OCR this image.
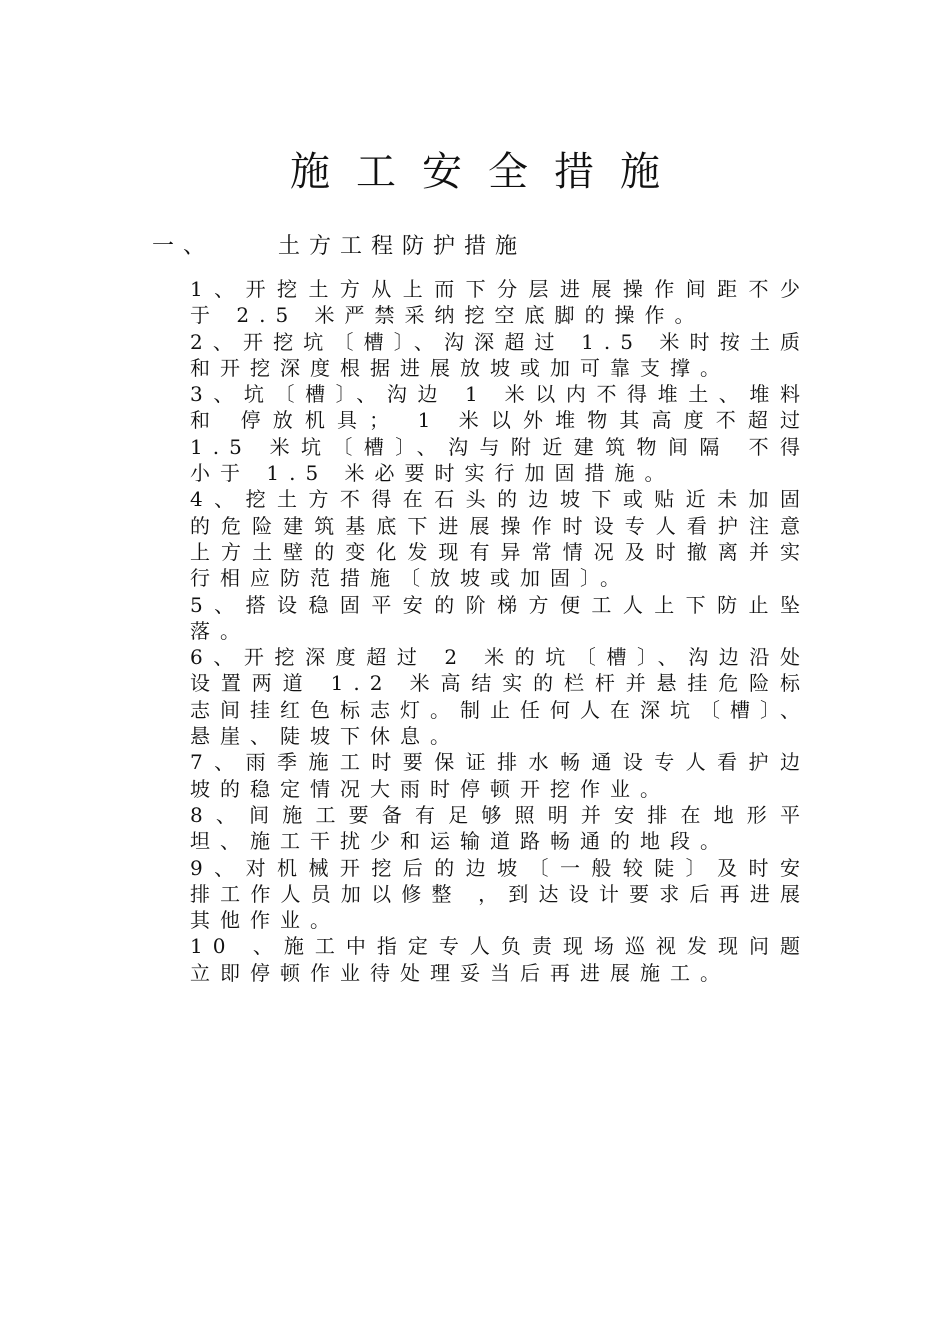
施工安全措施
一、	土方工程防护措施

1、开挖土方从上而下分层进展操作间距不少于 2.5 米严禁采纳挖空底脚的操作。

2、开挖坑〔槽〕、沟深超过 1.5 米时按土质和开挖深度根据进展放坡或加可靠支撑。

3、坑〔槽〕、沟边 1 米以内不得堆土、堆料和 停放机具； 1 米以外堆物其高度不超过 1.5 米坑〔槽〕、沟与附近建筑物间隔 不得小于 1.5 米必要时实行加固措施。

4、挖土方不得在石头的边坡下或贴近未加固的危险建筑基底下进展操作时设专人看护注意上方土壁的变化发现有异常情况及时撤离并实行相应防范措施〔放坡或加固〕。

5、搭设稳固平安的阶梯方便工人上下防止坠落。

6、开挖深度超过 2 米的坑〔槽〕、沟边沿处设置两道 1.2 米高结实的栏杆并悬挂危险标志间挂红色标志灯。制止任何人在深坑〔槽〕、悬崖、陡坡下休息。

7、雨季施工时要保证排水畅通设专人看护边坡的稳定情况大雨时停顿开挖作业。

8、间施工要备有足够照明并安排在地形平坦、施工干扰少和运输道路畅通的地段。

9、对机械开挖后的边坡〔一般较陡〕及时安排工作人员加以修整 ，到达设计要求后再进展其他作业。

10 、施工中指定专人负责现场巡视发现问题立即停顿作业待处理妥当后再进展施工。
